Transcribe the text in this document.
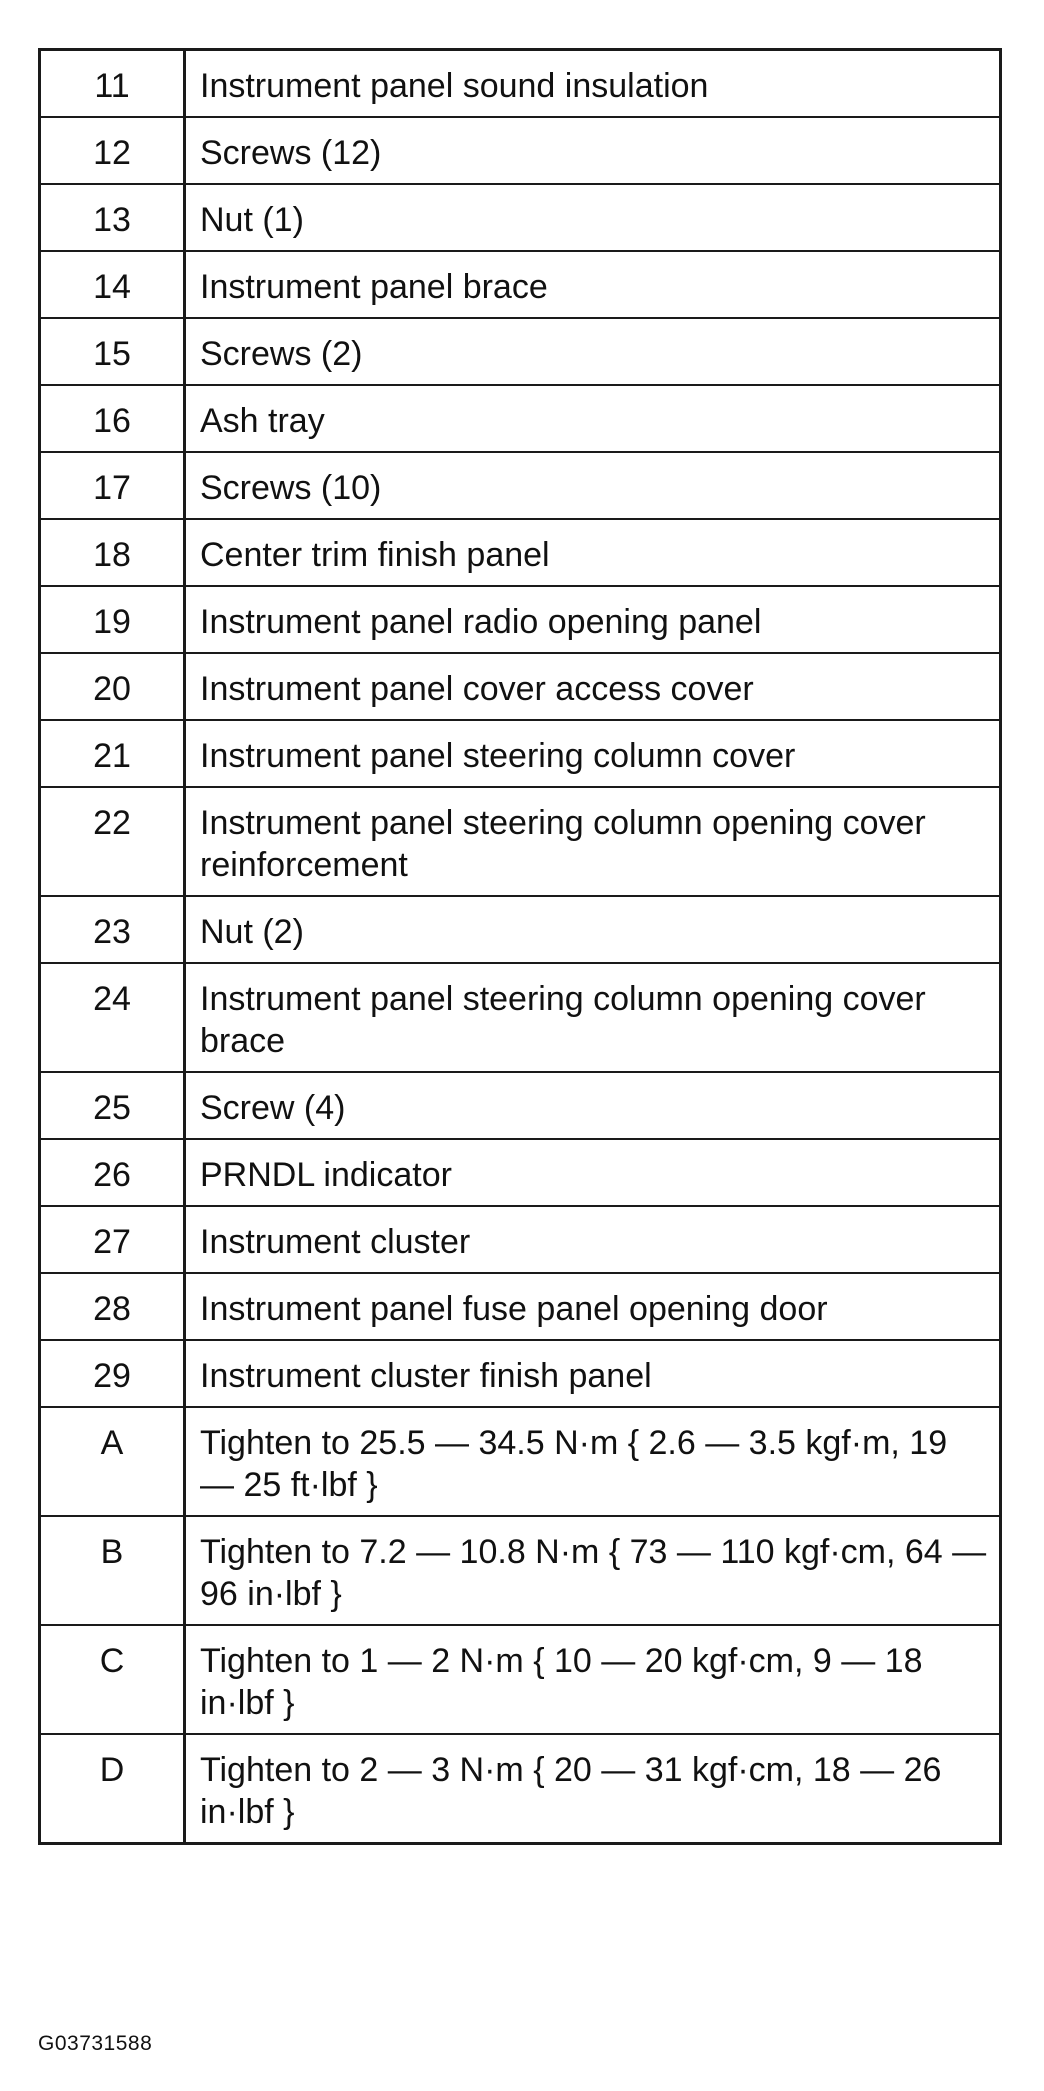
11	Instrument panel sound insulation
12	Screws (12)
13	Nut (1)
14	Instrument panel brace
15	Screws (2)
16	Ash tray
17	Screws (10)
18	Center trim finish panel
19	Instrument panel radio opening panel
20	Instrument panel cover access cover
21	Instrument panel steering column cover
22	Instrument panel steering column opening cover reinforcement
23	Nut (2)
24	Instrument panel steering column opening cover brace
25	Screw (4)
26	PRNDL indicator
27	Instrument cluster
28	Instrument panel fuse panel opening door
29	Instrument cluster finish panel
A	Tighten to 25.5 — 34.5 N·m { 2.6 — 3.5 kgf·m, 19 — 25 ft·lbf }
B	Tighten to 7.2 — 10.8 N·m { 73 — 110 kgf·cm, 64 — 96 in·lbf }
C	Tighten to 1 — 2 N·m { 10 — 20 kgf·cm, 9 — 18 in·lbf }
D	Tighten to 2 — 3 N·m { 20 — 31 kgf·cm, 18 — 26 in·lbf }
G03731588
